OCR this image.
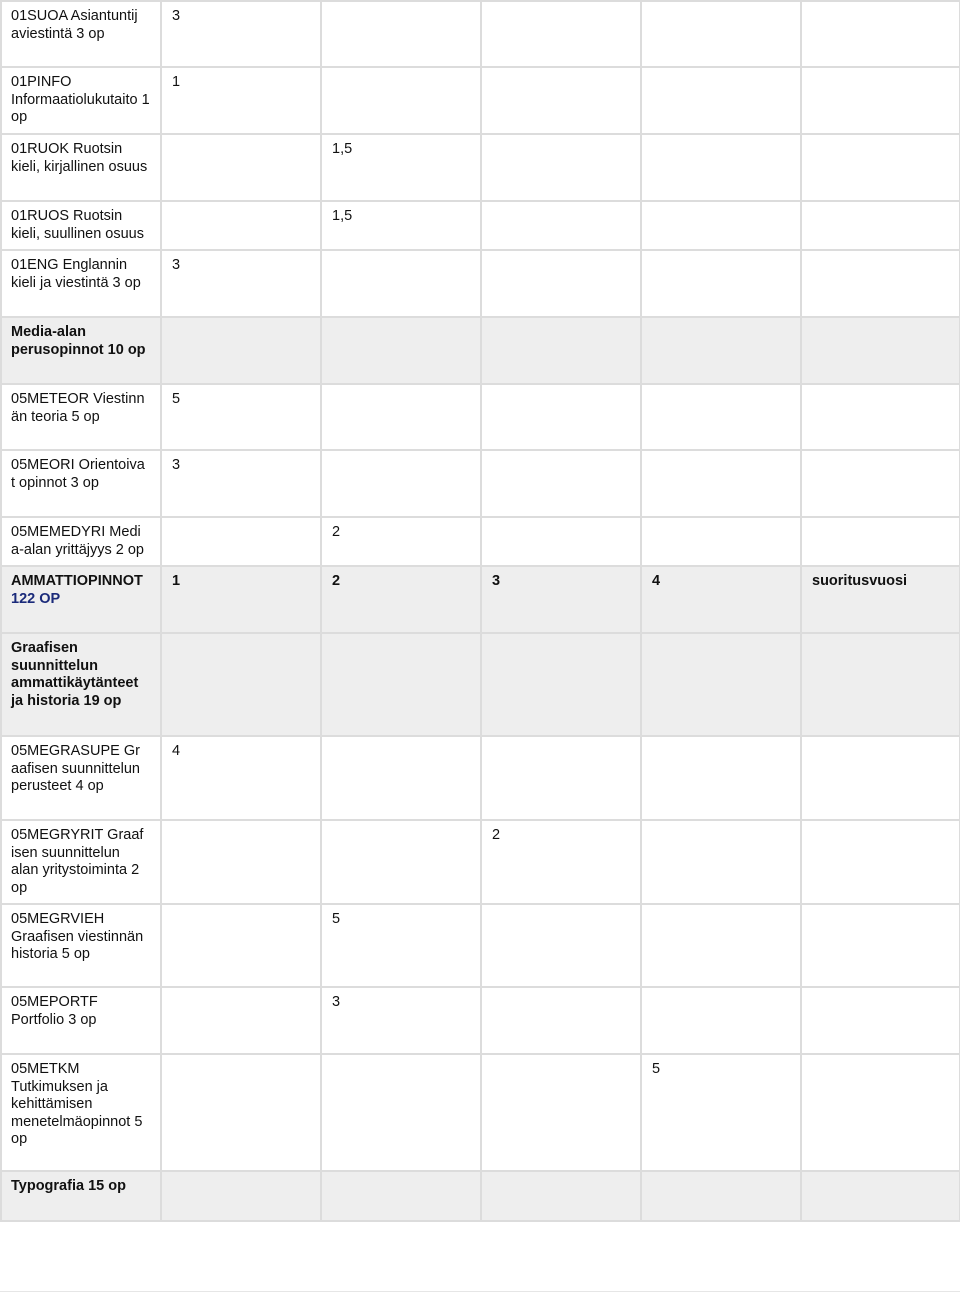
01SUOA Asiantuntij aviestintä 3 op	3				
01PINFO Informaatiolukutaito 1 op	1				
01RUOK Ruotsin kieli, kirjallinen osuus		1,5			
01RUOS Ruotsin kieli, suullinen osuus		1,5			
01ENG Englannin kieli ja viestintä 3 op	3				
Media-alan perusopinnot 10 op					
05METEOR Viestinn än teoria 5 op	5				
05MEORI Orientoiva t opinnot 3 op	3				
05MEMEDYRI Medi a-alan yrittäjyys 2 op		2			
AMMATTIOPINNOT 122 OP	1	2	3	4	suoritusvuosi
Graafisen suunnittelun ammattikäytänteet ja historia 19 op					
05MEGRASUPE Gr aafisen suunnittelun perusteet 4 op	4				
05MEGRYRIT Graaf isen suunnittelun alan yritystoiminta 2 op			2		
05MEGRVIEH Graafisen viestinnän historia 5 op		5			
05MEPORTF Portfolio 3 op		3			
05METKM Tutkimuksen ja kehittämisen menetelmäopinnot 5 op				5	
Typografia 15 op					
